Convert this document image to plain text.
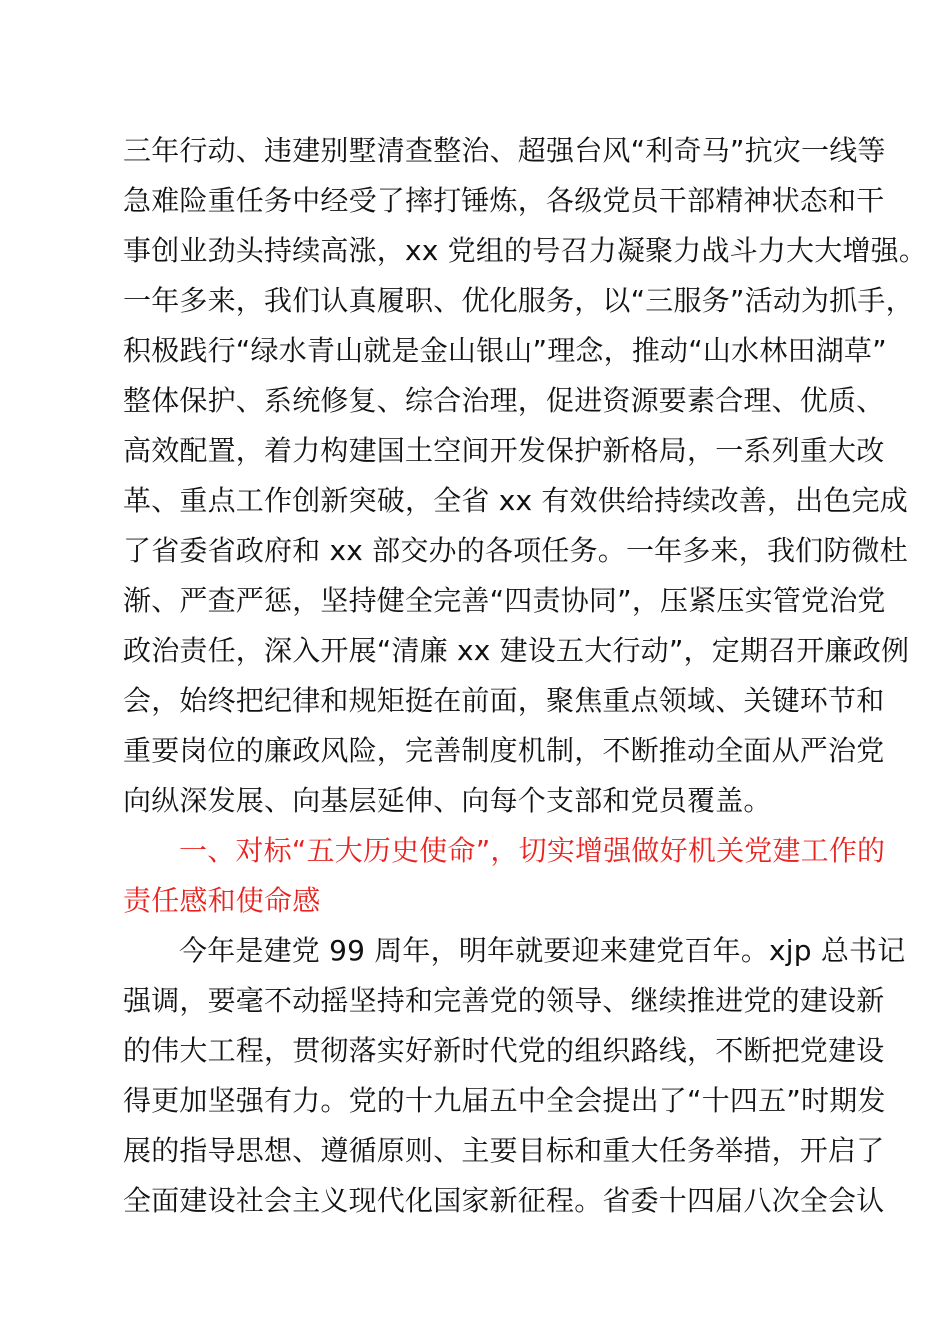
三年行动、违建别墅清查整治、超强台风“利奇马”抗灾一线等
急难险重任务中经受了摔打锤炼，各级党员干部精神状态和干
事创业劲头持续高涨，xx 党组的号召力凝聚力战斗力大大增强。
一年多来，我们认真履职、优化服务，以“三服务”活动为抓手，
积极践行“绿水青山就是金山银山”理念，推动“山水林田湖草”
整体保护、系统修复、综合治理，促进资源要素合理、优质、
高效配置，着力构建国土空间开发保护新格局，一系列重大改
革、重点工作创新突破，全省 xx 有效供给持续改善，出色完成
了省委省政府和 xx 部交办的各项任务。一年多来，我们防微杜
渐、严查严惩，坚持健全完善“四责协同”，压紧压实管党治党
政治责任，深入开展“清廉 xx 建设五大行动”，定期召开廉政例
会，始终把纪律和规矩挺在前面，聚焦重点领域、关键环节和
重要岗位的廉政风险，完善制度机制，不断推动全面从严治党
向纵深发展、向基层延伸、向每个支部和党员覆盖。
一、对标“五大历史使命”，切实增强做好机关党建工作的
责任感和使命感
今年是建党 99 周年，明年就要迎来建党百年。xjp 总书记
强调，要毫不动摇坚持和完善党的领导、继续推进党的建设新
的伟大工程，贯彻落实好新时代党的组织路线，不断把党建设
得更加坚强有力。党的十九届五中全会提出了“十四五”时期发
展的指导思想、遵循原则、主要目标和重大任务举措，开启了
全面建设社会主义现代化国家新征程。省委十四届八次全会认
